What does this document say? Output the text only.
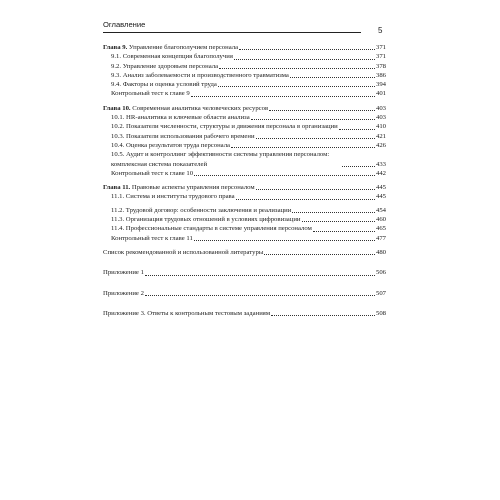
Оглавление
5
Глава 9. Управление благополучием персонала	371
9.1. Современная концепция благополучия	371
9.2. Управление здоровьем персонала	378
9.3. Анализ заболеваемости и производственного травматизма	386
9.4. Факторы и оценка условий труда	394
Контрольный тест к главе 9	401
Глава 10. Современная аналитика человеческих ресурсов	403
10.1. HR-аналитика и ключевые области анализа	403
10.2. Показатели численности, структуры и движения персонала в организации	410
10.3. Показатели использования рабочего времени	421
10.4. Оценка результатов труда персонала	426
10.5. Аудит и контроллинг эффективности системы управления персоналом: комплексная система показателей	433
Контрольный тест к главе 10	442
Глава 11. Правовые аспекты управления персоналом	445
11.1. Система и институты трудового права	445
11.2. Трудовой договор: особенности заключения и реализации	454
11.3. Организация трудовых отношений в условиях цифровизации	460
11.4. Профессиональные стандарты в системе управления персоналом	465
Контрольный тест к главе 11	477
Список рекомендованной и использованной литературы	480
Приложение 1	506
Приложение 2	507
Приложение 3. Ответы к контрольным тестовым заданиям	508
